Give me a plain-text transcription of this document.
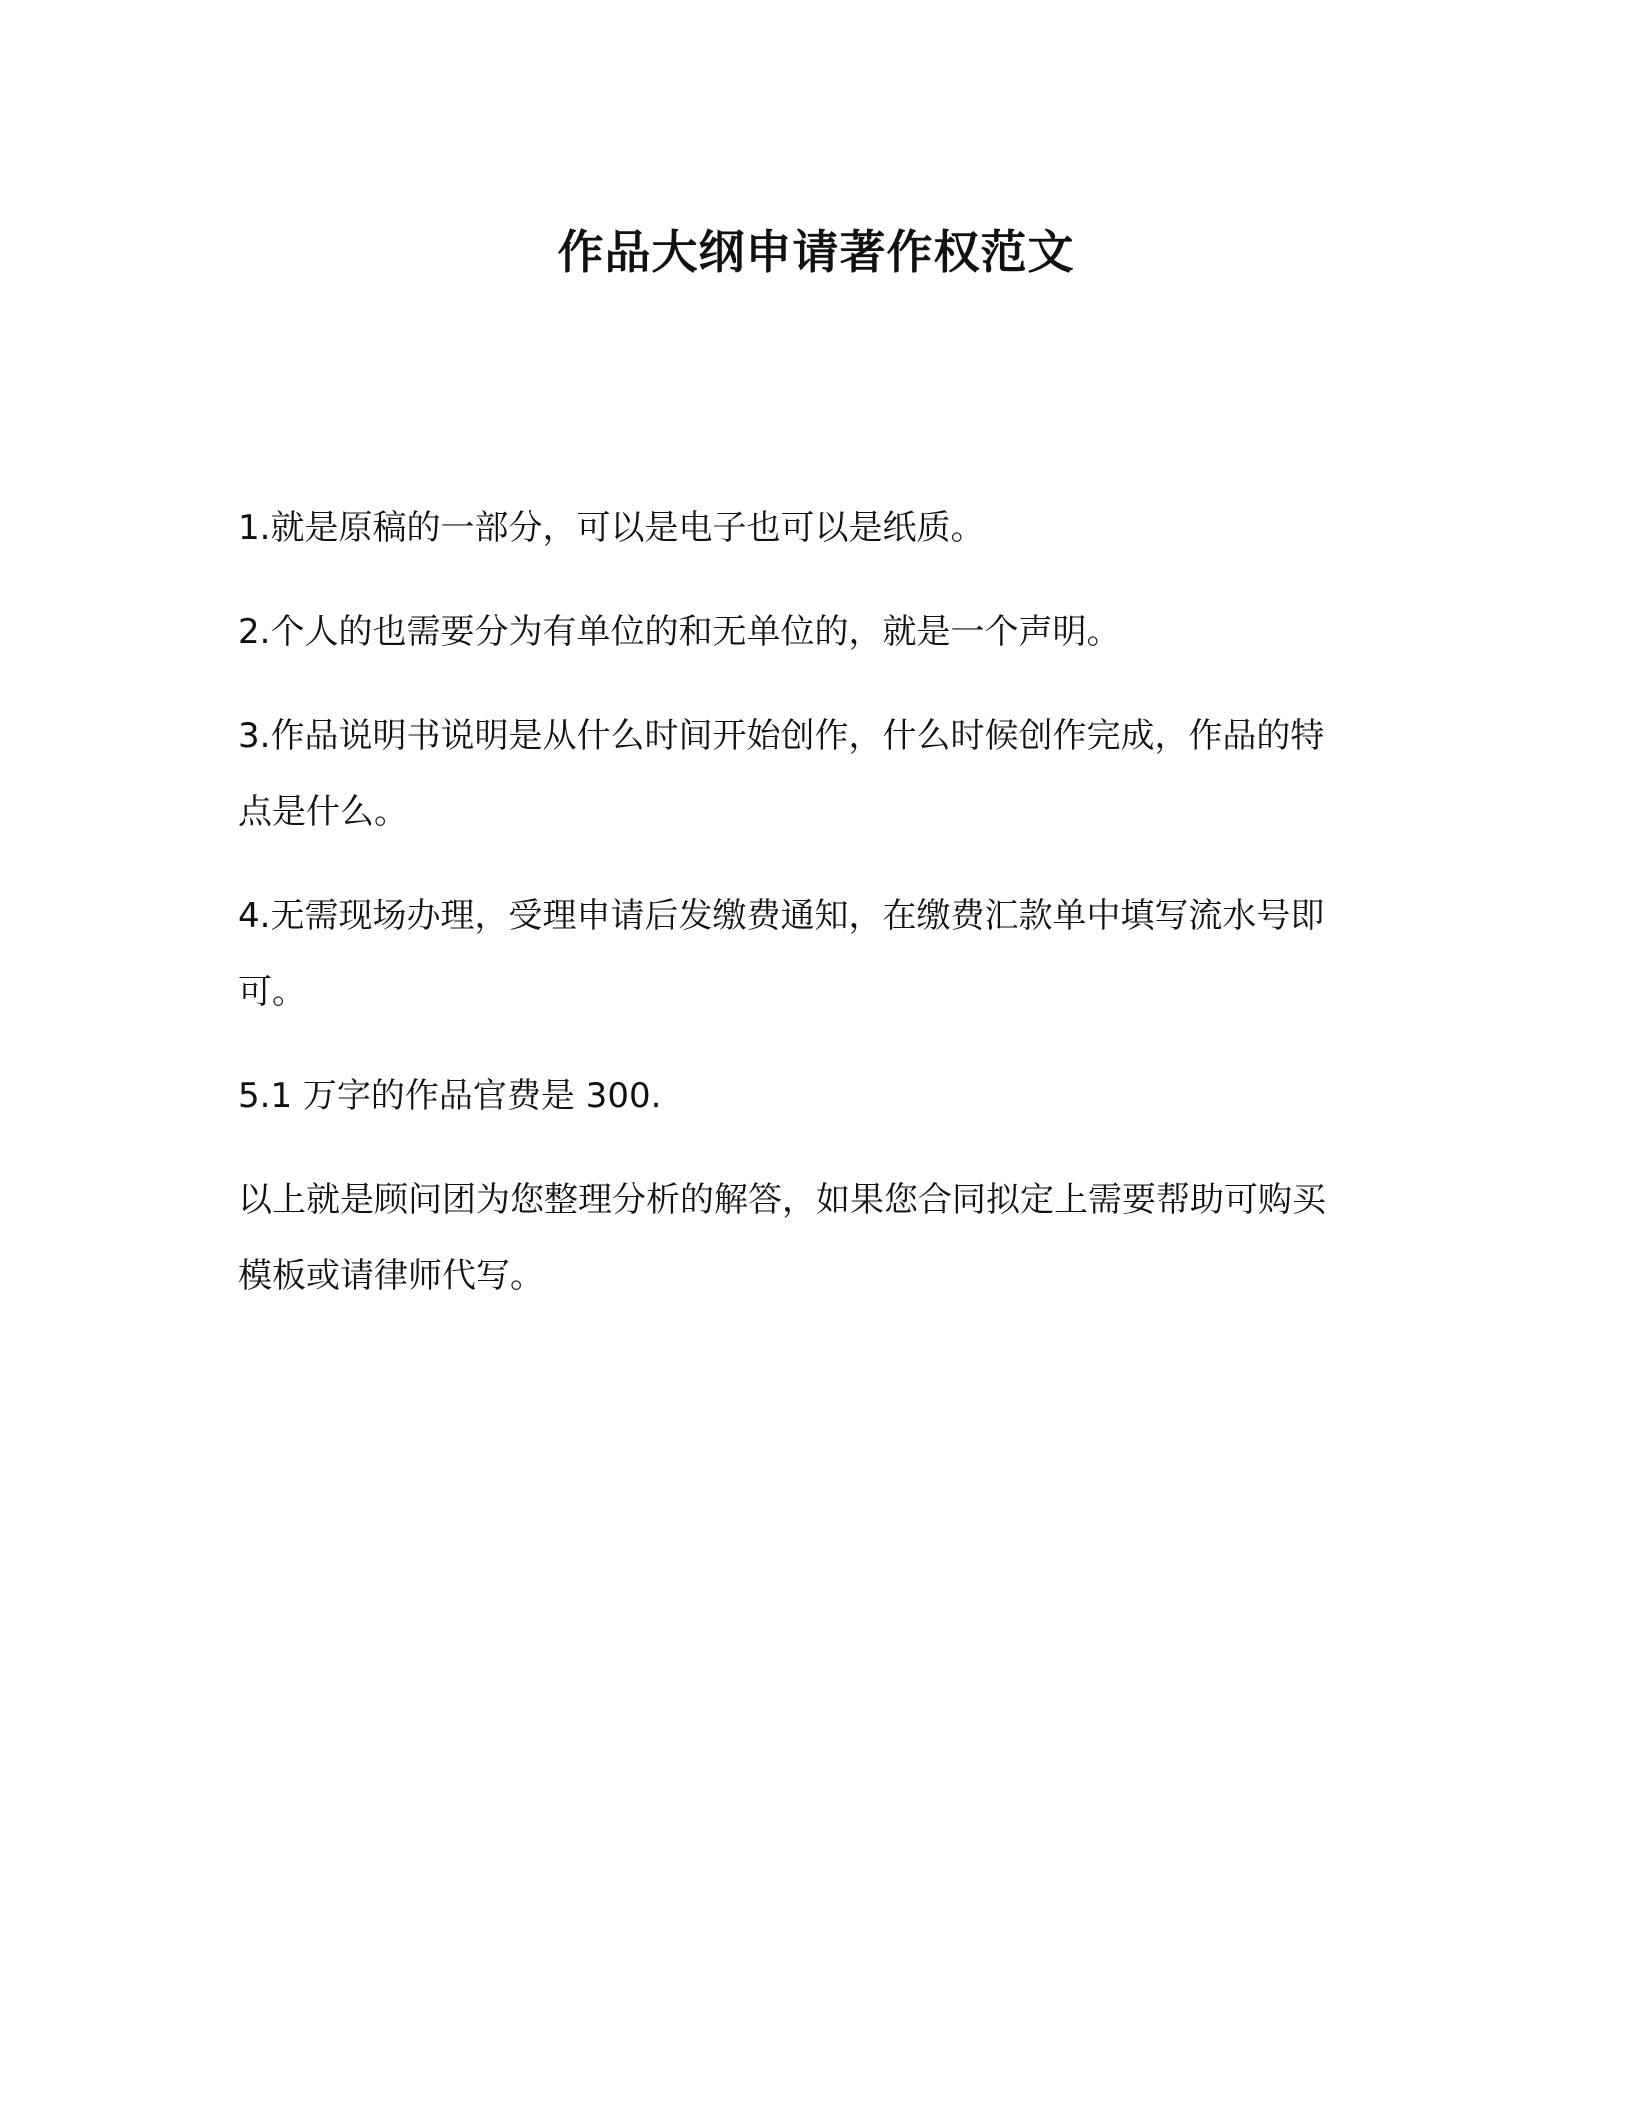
作品大纲申请著作权范文

1.就是原稿的一部分，可以是电子也可以是纸质。

2.个人的也需要分为有单位的和无单位的，就是一个声明。

3.作品说明书说明是从什么时间开始创作，什么时候创作完成，作品的特点是什么。

4.无需现场办理，受理申请后发缴费通知，在缴费汇款单中填写流水号即可。

5.1 万字的作品官费是 300.

以上就是顾问团为您整理分析的解答，如果您合同拟定上需要帮助可购买模板或请律师代写。
